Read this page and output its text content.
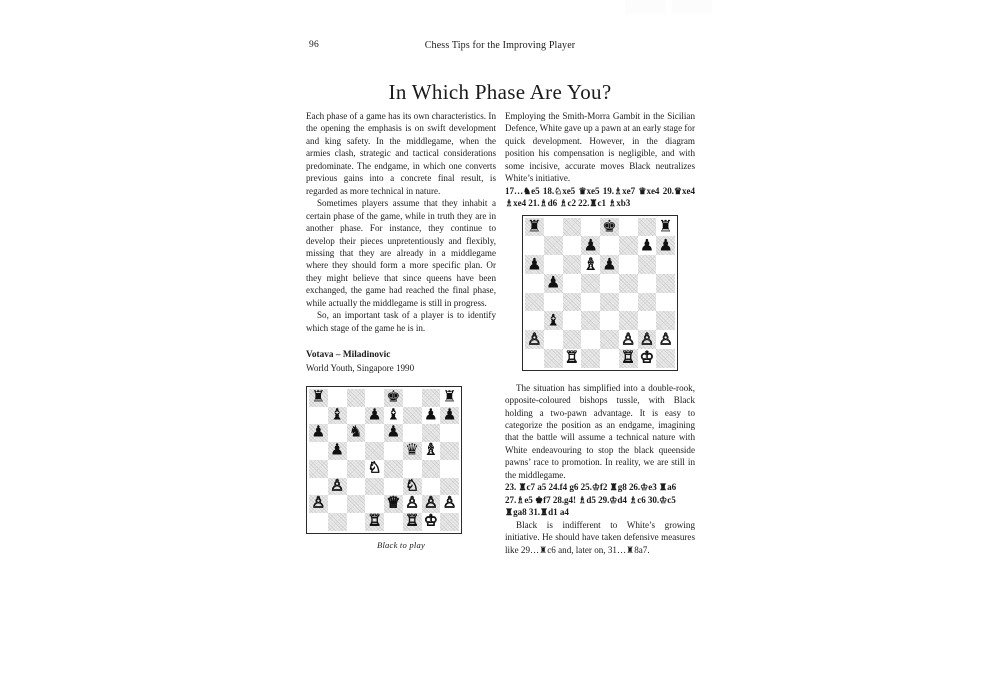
96	Chess Tips for the Improving Player
In Which Phase Are You?

Each phase of a game has its own characteristics. In the opening the emphasis is on swift development and king safety. In the middlegame, when the armies clash, strategic and tactical considerations predominate. The endgame, in which one converts previous gains into a concrete final result, is regarded as more technical in nature.

Sometimes players assume that they inhabit a certain phase of the game, while in truth they are in another phase. For instance, they continue to develop their pieces unpretentiously and flexibly, missing that they are already in a middlegame where they should form a more specific plan. Or they might believe that since queens have been exchanged, the game had reached the final phase, while actually the middlegame is still in progress.

So, an important task of a player is to identify which stage of the game he is in.

Votava – Miladinovic

World Youth, Singapore 1990

♜	♚	♜
♝ ♟ ♝ ♟ ♟
♟ ♞ ♟
♟	♛ ♗
♘
♙	♘
♙	♕ ♙ ♙ ♙
♖ ♖ ♔
Black to play

Employing the Smith-Morra Gambit in the Sicilian Defence, White gave up a pawn at an early stage for quick development. However, in the diagram position his compensation is negligible, and with some incisive, accurate moves Black neutralizes White’s initiative.

17…♞e5 18.♘xe5 ♛xe5 19.♗xe7 ♛xe4 20.♛xe4 ♗xe4 21.♗d6 ♗c2 22.♜c1 ♗xb3

♜	♚	♜
♟	♟ ♟
♟	♗ ♟
♟
♝
♙	♙ ♙ ♙
♖	♖ ♔

The situation has simplified into a double-rook, opposite-coloured bishops tussle, with Black holding a two-pawn advantage. It is easy to categorize the position as an endgame, imagining that the battle will assume a technical nature with White endeavouring to stop the black queenside pawns’ race to promotion. In reality, we are still in the middlegame.

23. ♜c7 a5 24.f4 g6 25.♔f2 ♜g8 26.♔e3 ♜a6 27.♗e5 ♚f7 28.g4! ♗d5 29.♔d4 ♗c6 30.♔c5 ♜ga8 31.♜d1 a4

Black is indifferent to White’s growing initiative. He should have taken defensive measures like 29…♜c6 and, later on, 31…♜8a7.
